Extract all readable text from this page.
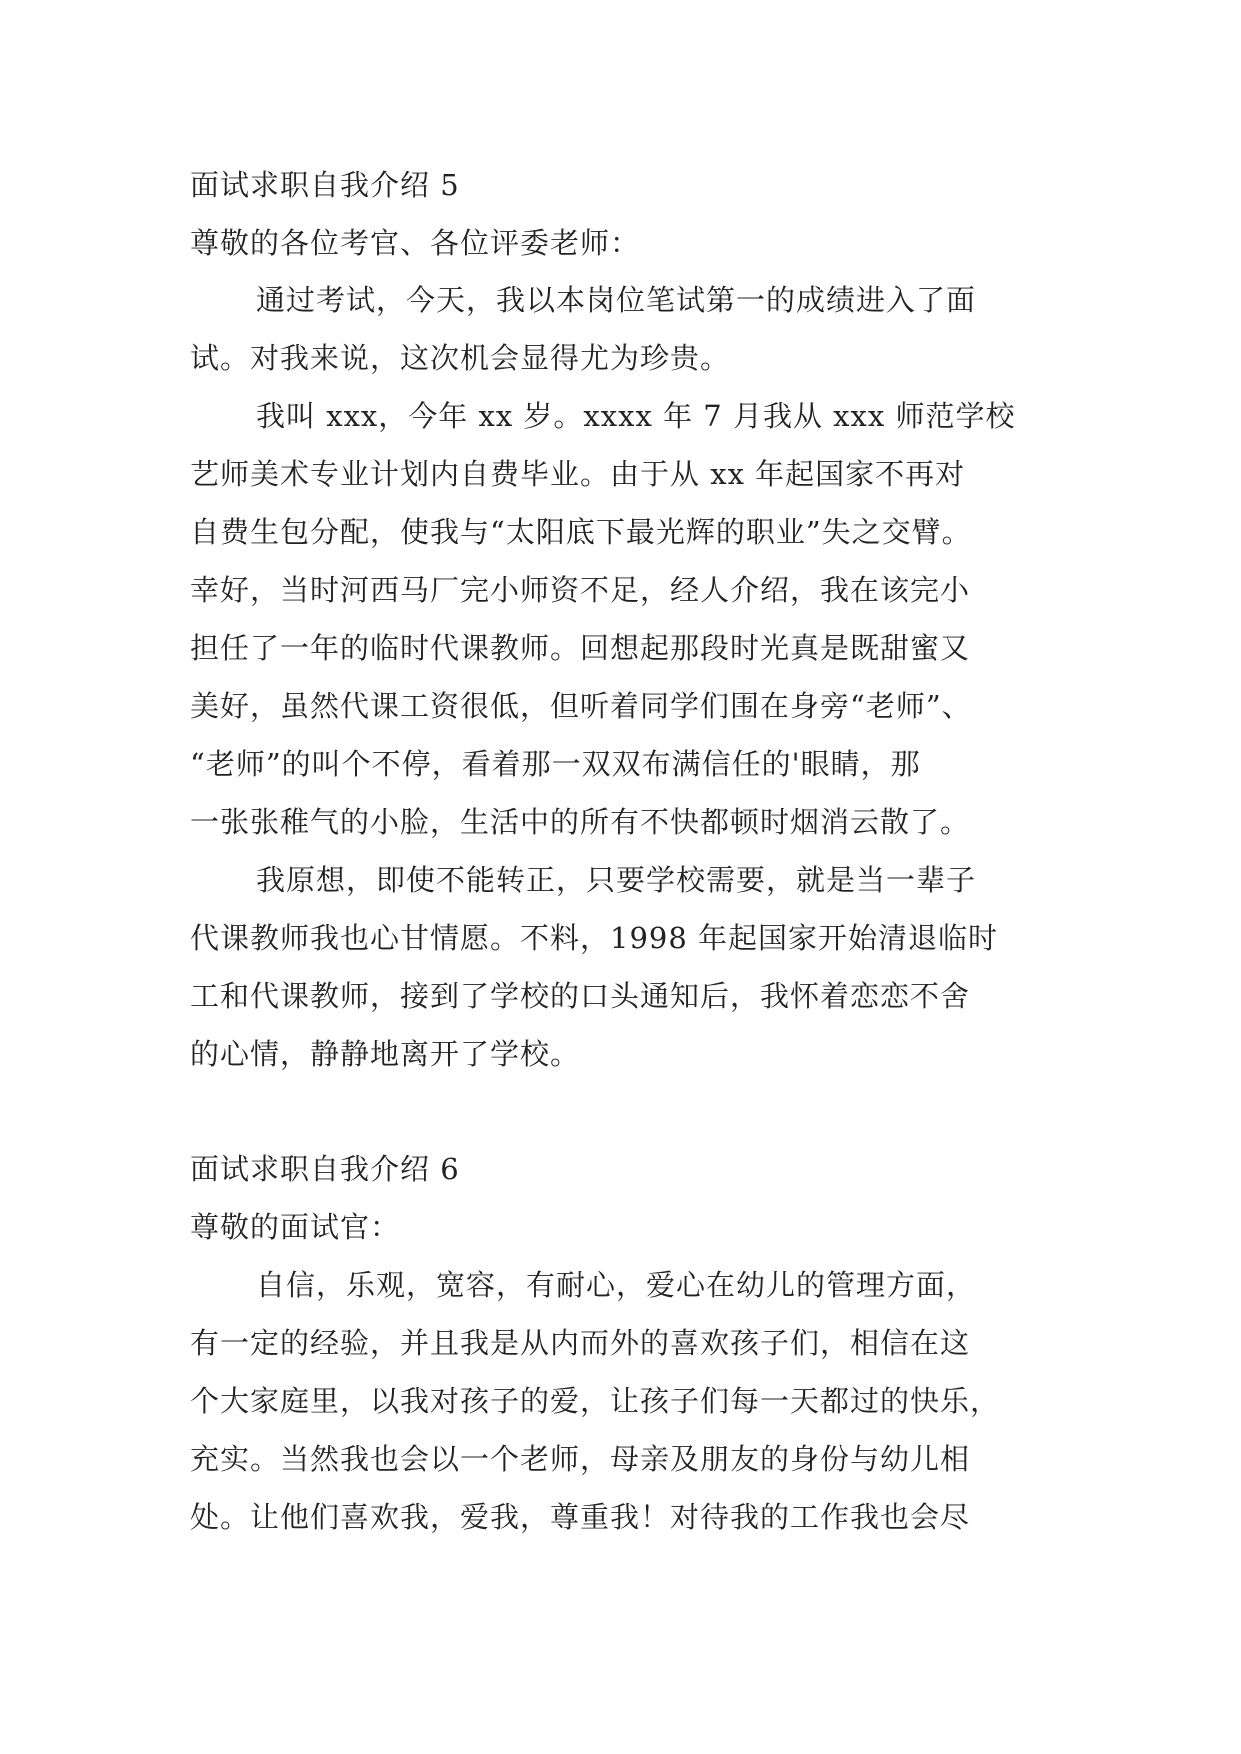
面试求职自我介绍 5
尊敬的各位考官、各位评委老师：
通过考试，今天，我以本岗位笔试第一的成绩进入了面
试。对我来说，这次机会显得尤为珍贵。
我叫 xxx，今年 xx 岁。xxxx 年 7 月我从 xxx 师范学校
艺师美术专业计划内自费毕业。由于从 xx 年起国家不再对
自费生包分配，使我与“太阳底下最光辉的职业”失之交臂。
幸好，当时河西马厂完小师资不足，经人介绍，我在该完小
担任了一年的临时代课教师。回想起那段时光真是既甜蜜又
美好，虽然代课工资很低，但听着同学们围在身旁“老师”、
“老师”的叫个不停，看着那一双双布满信任的'眼睛，那
一张张稚气的小脸，生活中的所有不快都顿时烟消云散了。
我原想，即使不能转正，只要学校需要，就是当一辈子
代课教师我也心甘情愿。不料，1998 年起国家开始清退临时
工和代课教师，接到了学校的口头通知后，我怀着恋恋不舍
的心情，静静地离开了学校。
面试求职自我介绍 6
尊敬的面试官：
自信，乐观，宽容，有耐心，爱心在幼儿的管理方面，
有一定的经验，并且我是从内而外的喜欢孩子们，相信在这
个大家庭里，以我对孩子的爱，让孩子们每一天都过的快乐，
充实。当然我也会以一个老师，母亲及朋友的身份与幼儿相
处。让他们喜欢我，爱我，尊重我！对待我的工作我也会尽
